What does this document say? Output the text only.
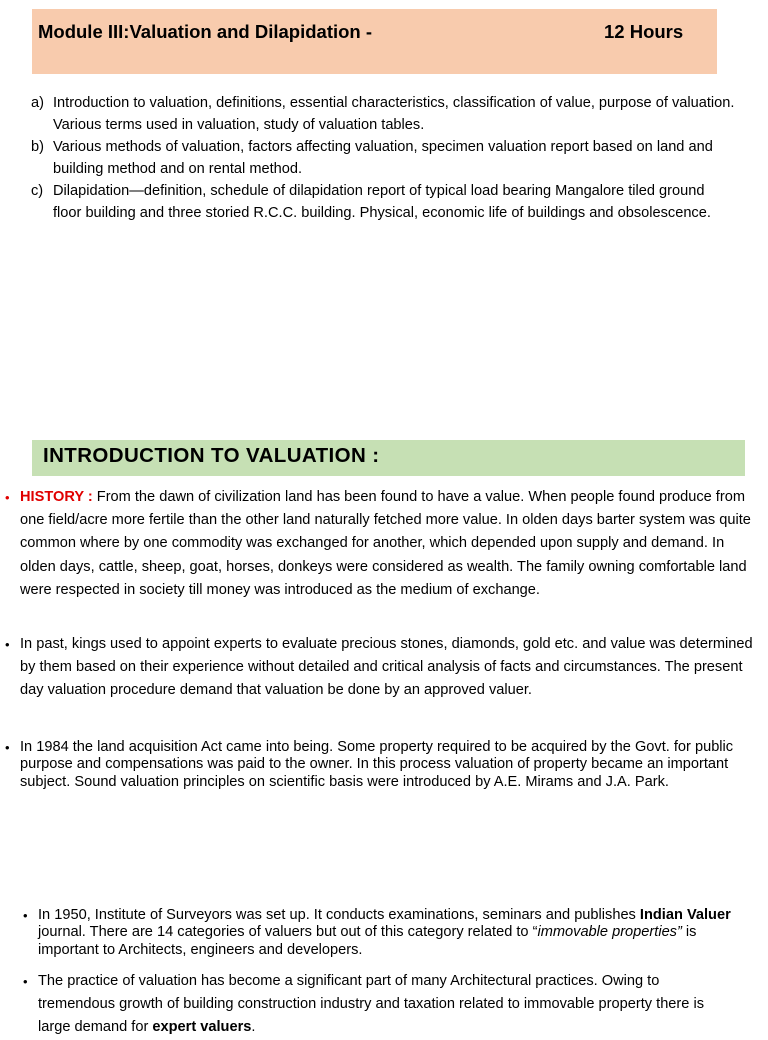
Module III:Valuation and Dilapidation -	12 Hours
a) Introduction to valuation, definitions, essential characteristics, classification of value, purpose of valuation. Various terms used in valuation, study of valuation tables.
b) Various methods of valuation, factors affecting valuation, specimen valuation report based on land and building method and on rental method.
c) Dilapidation—definition, schedule of dilapidation report of typical load bearing Mangalore tiled ground floor building and three storied R.C.C. building. Physical, economic life of buildings and obsolescence.
INTRODUCTION TO VALUATION :
• HISTORY : From the dawn of civilization land has been found to have a value. When people found produce from one field/acre more fertile than the other land naturally fetched more value. In olden days barter system was quite common where by one commodity was exchanged for another, which depended upon supply and demand. In olden days, cattle, sheep, goat, horses, donkeys were considered as wealth. The family owning comfortable land were respected in society till money was introduced as the medium of exchange.
• In past, kings used to appoint experts to evaluate precious stones, diamonds, gold etc. and value was determined by them based on their experience without detailed and critical analysis of facts and circumstances. The present day valuation procedure demand that valuation be done by an approved valuer.
• In 1984 the land acquisition Act came into being. Some property required to be acquired by the Govt. for public purpose and compensations was paid to the owner. In this process valuation of property became an important subject. Sound valuation principles on scientific basis were introduced by A.E. Mirams and J.A. Park.
• In 1950, Institute of Surveyors was set up. It conducts examinations, seminars and publishes Indian Valuer journal. There are 14 categories of valuers but out of this category related to “immovable properties” is important to Architects, engineers and developers.
• The practice of valuation has become a significant part of many Architectural practices. Owing to tremendous growth of building construction industry and taxation related to immovable property there is large demand for expert valuers.
